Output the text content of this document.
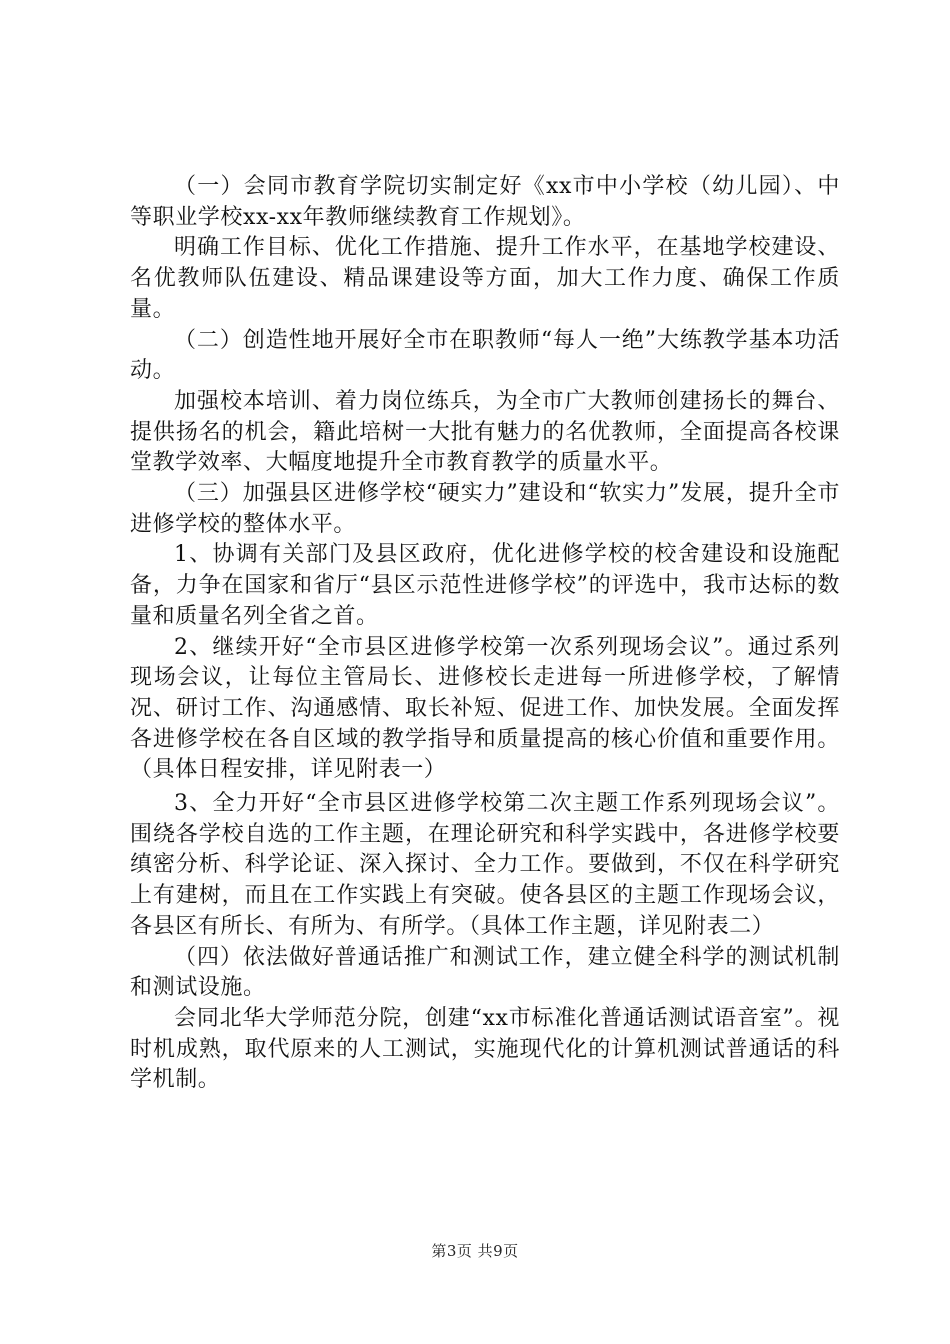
（一）会同市教育学院切实制定好《xx市中小学校（幼儿园）、中等职业学校xx-xx年教师继续教育工作规划》。

明确工作目标、优化工作措施、提升工作水平，在基地学校建设、名优教师队伍建设、精品课建设等方面，加大工作力度、确保工作质量。

（二）创造性地开展好全市在职教师“每人一绝”大练教学基本功活动。

加强校本培训、着力岗位练兵，为全市广大教师创建扬长的舞台、提供扬名的机会，籍此培树一大批有魅力的名优教师，全面提高各校课堂教学效率、大幅度地提升全市教育教学的质量水平。

（三）加强县区进修学校“硬实力”建设和“软实力”发展，提升全市进修学校的整体水平。

1、协调有关部门及县区政府，优化进修学校的校舍建设和设施配备，力争在国家和省厅“县区示范性进修学校”的评选中，我市达标的数量和质量名列全省之首。

2、继续开好“全市县区进修学校第一次系列现场会议”。通过系列现场会议，让每位主管局长、进修校长走进每一所进修学校，了解情况、研讨工作、沟通感情、取长补短、促进工作、加快发展。全面发挥各进修学校在各自区域的教学指导和质量提高的核心价值和重要作用。（具体日程安排，详见附表一）

3、全力开好“全市县区进修学校第二次主题工作系列现场会议”。围绕各学校自选的工作主题，在理论研究和科学实践中，各进修学校要缜密分析、科学论证、深入探讨、全力工作。要做到，不仅在科学研究上有建树，而且在工作实践上有突破。使各县区的主题工作现场会议，各县区有所长、有所为、有所学。（具体工作主题，详见附表二）

（四）依法做好普通话推广和测试工作，建立健全科学的测试机制和测试设施。

会同北华大学师范分院，创建“xx市标准化普通话测试语音室”。视时机成熟，取代原来的人工测试，实施现代化的计算机测试普通话的科学机制。

第3页 共9页
